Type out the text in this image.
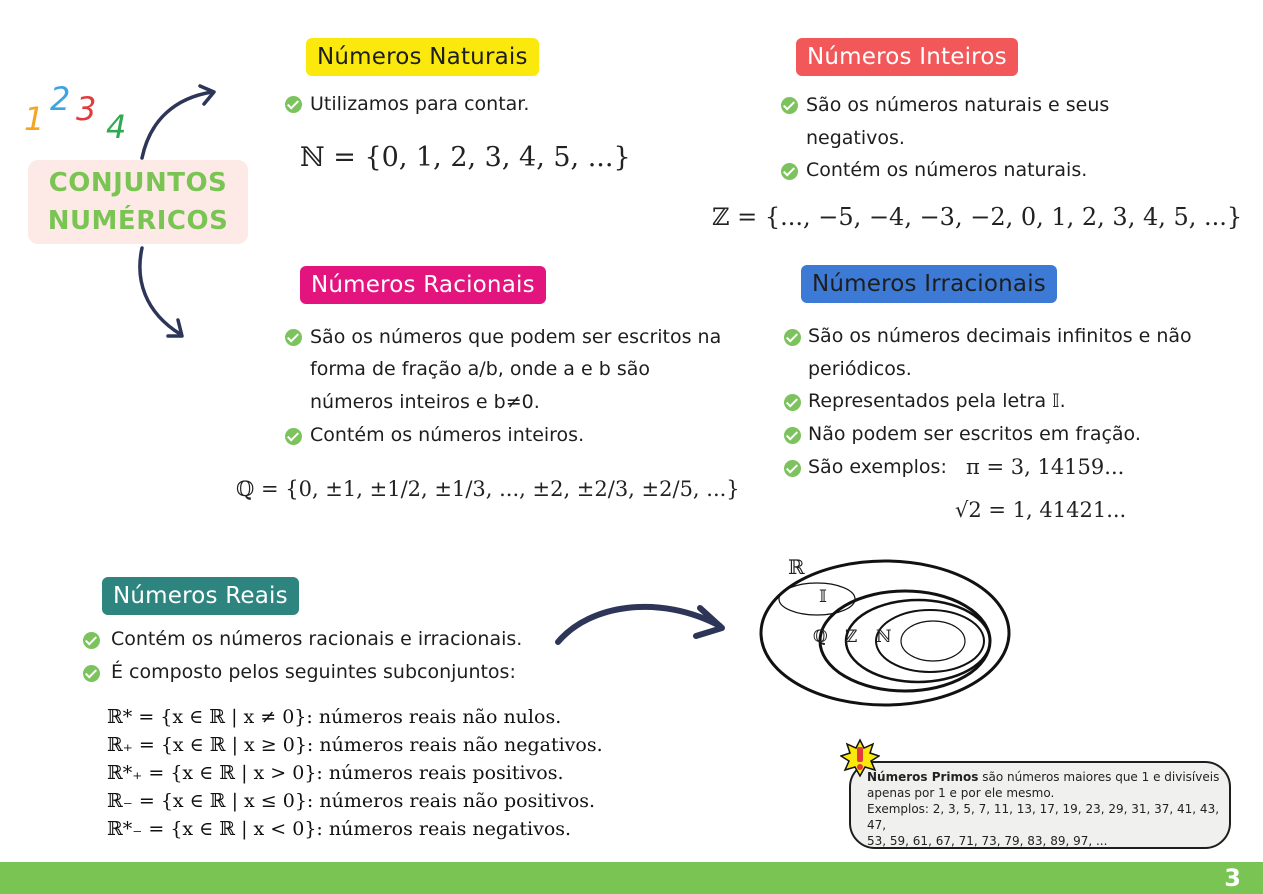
1
2 3 4
CONJUNTOS
NUMÉRICOS
Números Naturais
Utilizamos para contar.
ℕ = {0, 1, 2, 3, 4, 5, ...}
Números Inteiros
São os números naturais e seus
negativos.
Contém os números naturais.
ℤ = {..., −5, −4, −3, −2, 0, 1, 2, 3, 4, 5, ...}
Números Racionais
São os números que podem ser escritos na
forma de fração a/b, onde a e b são
números inteiros e b≠0.
Contém os números inteiros.
ℚ = {0, ±1, ±1/2, ±1/3, ..., ±2, ±2/3, ±2/5, ...}
Números Irracionais
São os números decimais infinitos e não
periódicos.
Representados pela letra 𝕀.
Não podem ser escritos em fração.
São exemplos: π = 3, 14159...
√2 = 1, 41421...
Números Reais
Contém os números racionais e irracionais.
É composto pelos seguintes subconjuntos:
ℝ* = {x ∈ ℝ | x ≠ 0}: números reais não nulos.
ℝ₊ = {x ∈ ℝ | x ≥ 0}: números reais não negativos.
ℝ*₊ = {x ∈ ℝ | x > 0}: números reais positivos.
ℝ₋ = {x ∈ ℝ | x ≤ 0}: números reais não positivos.
ℝ*₋ = {x ∈ ℝ | x < 0}: números reais negativos.
ℝ
𝕀
ℚ ℤ ℕ
Números Primos são números maiores que 1 e divisíveis
apenas por 1 e por ele mesmo.
Exemplos: 2, 3, 5, 7, 11, 13, 17, 19, 23, 29, 31, 37, 41, 43, 47,
53, 59, 61, 67, 71, 73, 79, 83, 89, 97, ...
3
